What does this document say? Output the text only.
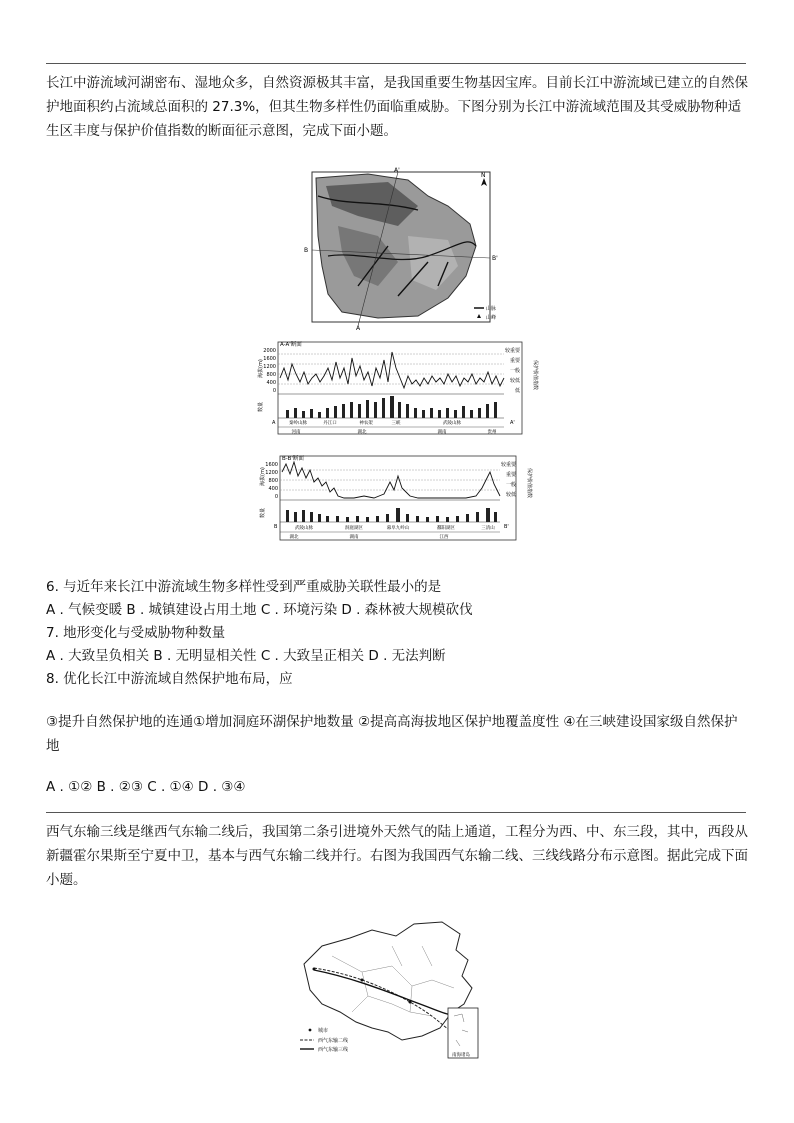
长江中游流域河湖密布、湿地众多，自然资源极其丰富，是我国重要生物基因宝库。目前长江中游流域已建立的自然保护地面积约占流域总面积的 27.3%，但其生物多样性仍面临重威胁。下图分别为长江中游流域范围及其受威胁物种适生区丰度与保护价值指数的断面征示意图，完成下面小题。

A'
A
B
B'
N
山脉
山峰
A-A'断面
2000
1600
1200
800
400
0
海拔(m)
数量
较重要
重要
一般
较低
低
保护价值指数
A	A'
秦岭山脉	丹江口	神农架	三峡	武陵山脉
河南	湖北	湖南	贵州
B-B'断面
1600
1200
800
400
0
海拔(m)
数量
较重要
重要
一般
较低 保护价值指数
B	B'
武陵山脉	洞庭湖区	幕阜九岭山	鄱阳湖区	三清山
湖北	湖南	江西

6. 与近年来长江中游流域生物多样性受到严重威胁关联性最小的是

A . 气候变暖 B . 城镇建设占用土地 C . 环境污染 D . 森林被大规模砍伐

7. 地形变化与受威胁物种数量

A . 大致呈负相关 B . 无明显相关性 C . 大致呈正相关 D . 无法判断

8. 优化长江中游流域自然保护地布局，应

③提升自然保护地的连通①增加洞庭环湖保护地数量 ②提高高海拔地区保护地覆盖度性 ④在三峡建设国家级自然保护地

A . ①② B . ②③ C . ①④ D . ③④

西气东输三线是继西气东输二线后，我国第二条引进境外天然气的陆上通道，工程分为西、中、东三段，其中，西段从新疆霍尔果斯至宁夏中卫，基本与西气东输二线并行。右图为我国西气东输二线、三线线路分布示意图。据此完成下面小题。

南海诸岛
城市
西气东输二线
西气东输三线
